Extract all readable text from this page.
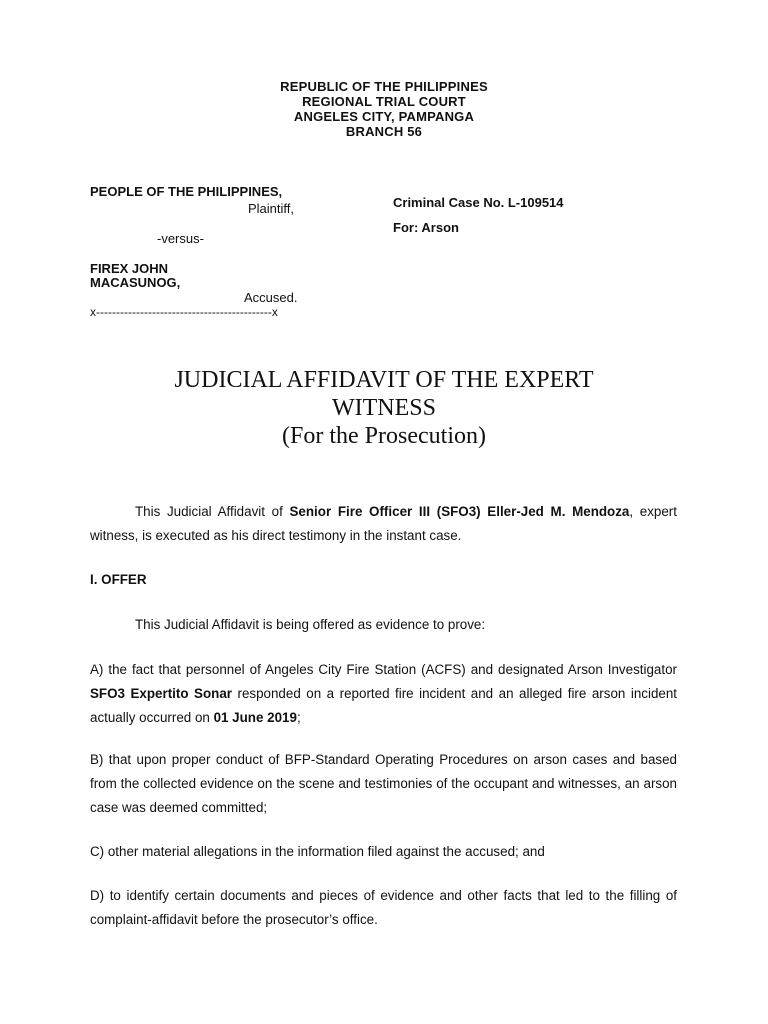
REPUBLIC OF THE PHILIPPINES
REGIONAL TRIAL COURT
ANGELES CITY, PAMPANGA
BRANCH 56
PEOPLE OF THE PHILIPPINES,
Plaintiff,
-versus-
FIREX JOHN
MACASUNOG,
Accused.
x--------------------------------------------x
Criminal Case No. L-109514
For: Arson
JUDICIAL AFFIDAVIT OF THE EXPERT
WITNESS
(For the Prosecution)

This Judicial Affidavit of Senior Fire Officer III (SFO3) Eller-Jed M. Mendoza, expert witness, is executed as his direct testimony in the instant case.

I. OFFER

This Judicial Affidavit is being offered as evidence to prove:

A) the fact that personnel of Angeles City Fire Station (ACFS) and designated Arson Investigator SFO3 Expertito Sonar responded on a reported fire incident and an alleged fire arson incident actually occurred on 01 June 2019;

B) that upon proper conduct of BFP-Standard Operating Procedures on arson cases and based from the collected evidence on the scene and testimonies of the occupant and witnesses, an arson case was deemed committed;

C) other material allegations in the information filed against the accused; and

D) to identify certain documents and pieces of evidence and other facts that led to the filling of complaint-affidavit before the prosecutor’s office.
